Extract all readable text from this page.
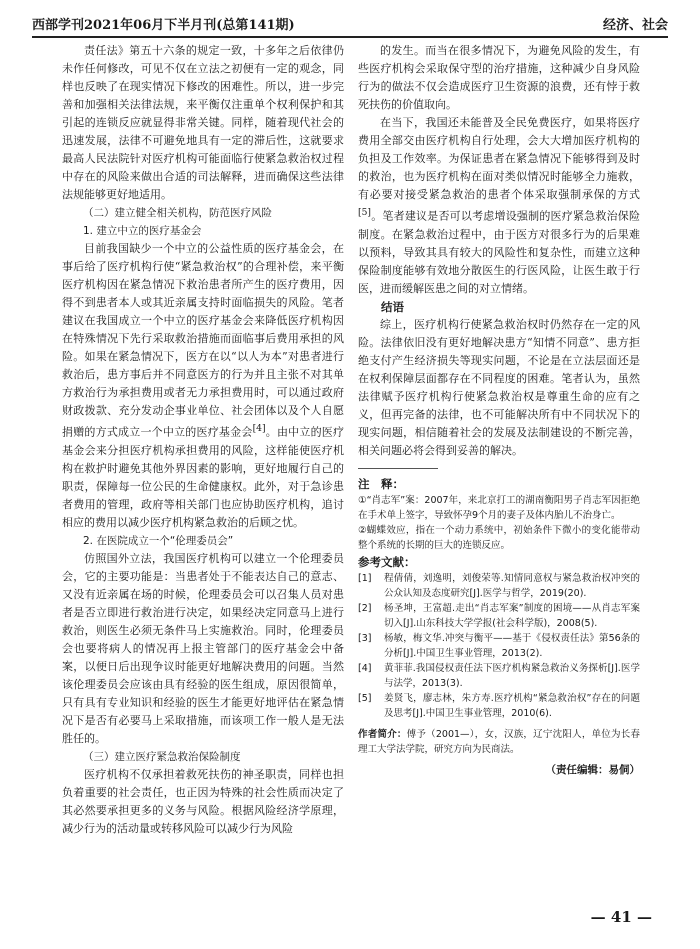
西部学刊2021年06月下半月刊(总第141期)	经济、社会

责任法》第五十六条的规定一致，十多年之后依律仍未作任何修改，可见不仅在立法之初便有一定的观念，同样也反映了在现实情况下修改的困难性。所以，进一步完善和加强相关法律法规，来平衡仅注重单个权利保护和其引起的连锁反应就显得非常关键。同样，随着现代社会的迅速发展，法律不可避免地具有一定的滞后性，这就要求最高人民法院针对医疗机构可能面临行使紧急救治权过程中存在的风险来做出合适的司法解释，进而确保这些法律法规能够更好地适用。

（二）建立健全相关机构，防范医疗风险

1. 建立中立的医疗基金会

目前我国缺少一个中立的公益性质的医疗基金会，在事后给了医疗机构行使“紧急救治权”的合理补偿，来平衡医疗机构因在紧急情况下救治患者所产生的医疗费用，因得不到患者本人或其近亲属支持时面临损失的风险。笔者建议在我国成立一个中立的医疗基金会来降低医疗机构因在特殊情况下先行采取救治措施而面临事后费用承担的风险。如果在紧急情况下，医方在以“以人为本”对患者进行救治后，患方事后并不同意医方的行为并且主张不对其单方救治行为承担费用或者无力承担费用时，可以通过政府财政拨款、充分发动企事业单位、社会团体以及个人自愿捐赠的方式成立一个中立的医疗基金会[4]。由中立的医疗基金会来分担医疗机构承担费用的风险，这样能使医疗机构在救护时避免其他外界因素的影响，更好地履行自己的职责，保障每一位公民的生命健康权。此外，对于急诊患者费用的管理，政府等相关部门也应协助医疗机构，追讨相应的费用以减少医疗机构紧急救治的后顾之忧。

2. 在医院成立一个“伦理委员会”

仿照国外立法，我国医疗机构可以建立一个伦理委员会，它的主要功能是：当患者处于不能表达自己的意志、又没有近亲属在场的时候，伦理委员会可以召集人员对患者是否立即进行救治进行决定，如果经决定同意马上进行救治，则医生必须无条件马上实施救治。同时，伦理委员会也要将病人的情况再上报主管部门的医疗基金会中备案，以便日后出现争议时能更好地解决费用的问题。当然该伦理委员会应该由具有经验的医生组成，原因很简单，只有具有专业知识和经验的医生才能更好地评估在紧急情况下是否有必要马上采取措施，而该项工作一般人是无法胜任的。

（三）建立医疗紧急救治保险制度

医疗机构不仅承担着救死扶伤的神圣职责，同样也担负着重要的社会责任，也正因为特殊的社会性质而决定了其必然要承担更多的义务与风险。根据风险经济学原理，减少行为的活动量或转移风险可以减少行为风险

的发生。而当在很多情况下，为避免风险的发生，有些医疗机构会采取保守型的治疗措施，这种减少自身风险行为的做法不仅会造成医疗卫生资源的浪费，还有悖于救死扶伤的价值取向。

在当下，我国还未能普及全民免费医疗，如果将医疗费用全部交由医疗机构自行处理，会大大增加医疗机构的负担及工作效率。为保证患者在紧急情况下能够得到及时的救治，也为医疗机构在面对类似情况时能够全力施救，有必要对接受紧急救治的患者个体采取强制承保的方式[5]。笔者建议是否可以考虑增设强制的医疗紧急救治保险制度。在紧急救治过程中，由于医方对很多行为的后果难以预料，导致其具有较大的风险性和复杂性，而建立这种保险制度能够有效地分散医生的行医风险，让医生敢于行医，进而缓解医患之间的对立情绪。

结语

综上，医疗机构行使紧急救治权时仍然存在一定的风险。法律依旧没有更好地解决患方“知情不同意”、患方拒绝支付产生经济损失等现实问题，不论是在立法层面还是在权利保障层面都存在不同程度的困难。笔者认为，虽然法律赋予医疗机构行使紧急救治权是尊重生命的应有之义，但再完备的法律，也不可能解决所有中不同状况下的现实问题，相信随着社会的发展及法制建设的不断完善，相关问题必将会得到妥善的解决。

注　释：

①“肖志军”案：2007年，来北京打工的湖南衡阳男子肖志军因拒绝在手术单上签字，导致怀孕9个月的妻子及体内胎儿不治身亡。

②蝴蝶效应，指在一个动力系统中，初始条件下微小的变化能带动整个系统的长期的巨大的连锁反应。

参考文献：

[1]	程倩倩，刘逸明，刘俊荣等.知情同意权与紧急救治权冲突的公众认知及态度研究[J].医学与哲学，2019(20).
[2]	杨圣坤，王富超.走出“肖志军案”制度的困境——从肖志军案切入[J].山东科技大学学报(社会科学版)，2008(5).
[3]	杨敏，梅文华.冲突与衡平——基于《侵权责任法》第56条的分析[J].中国卫生事业管理，2013(2).
[4]	黄菲菲.我国侵权责任法下医疗机构紧急救治义务探析[J].医学与法学，2013(3).
[5]	姜贤飞，廖志林，朱方寿.医疗机构“紧急救治权”存在的问题及思考[J].中国卫生事业管理，2010(6).

作者简介：傅予（2001—），女，汉族，辽宁沈阳人，单位为长春理工大学法学院，研究方向为民商法。

（责任编辑：易侗）
— 41 —
